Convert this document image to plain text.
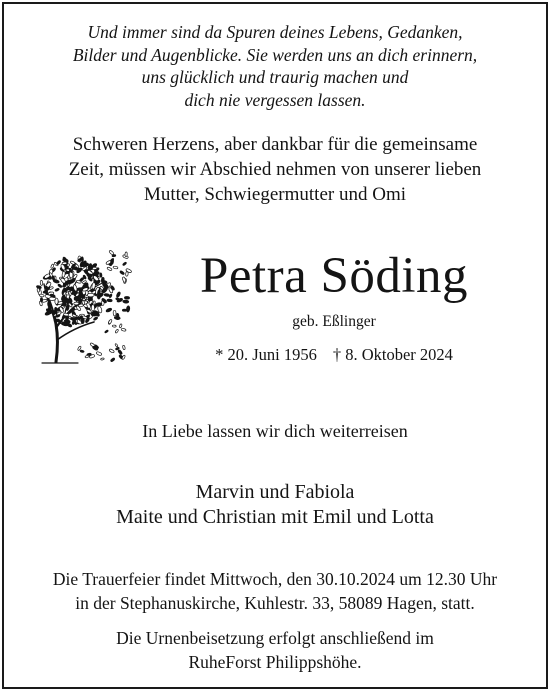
Und immer sind da Spuren deines Lebens, Gedanken,
Bilder und Augenblicke. Sie werden uns an dich erinnern,
uns glücklich und traurig machen und
dich nie vergessen lassen.
Schweren Herzens, aber dankbar für die gemeinsame
Zeit, müssen wir Abschied nehmen von unserer lieben
Mutter, Schwiegermutter und Omi
Petra Söding
geb. Eßlinger
* 20. Juni 1956 † 8. Oktober 2024
In Liebe lassen wir dich weiterreisen
Marvin und Fabiola
Maite und Christian mit Emil und Lotta
Die Trauerfeier findet Mittwoch, den 30.10.2024 um 12.30 Uhr
in der Stephanuskirche, Kuhlestr. 33, 58089 Hagen, statt.
Die Urnenbeisetzung erfolgt anschließend im
RuheForst Philippshöhe.
